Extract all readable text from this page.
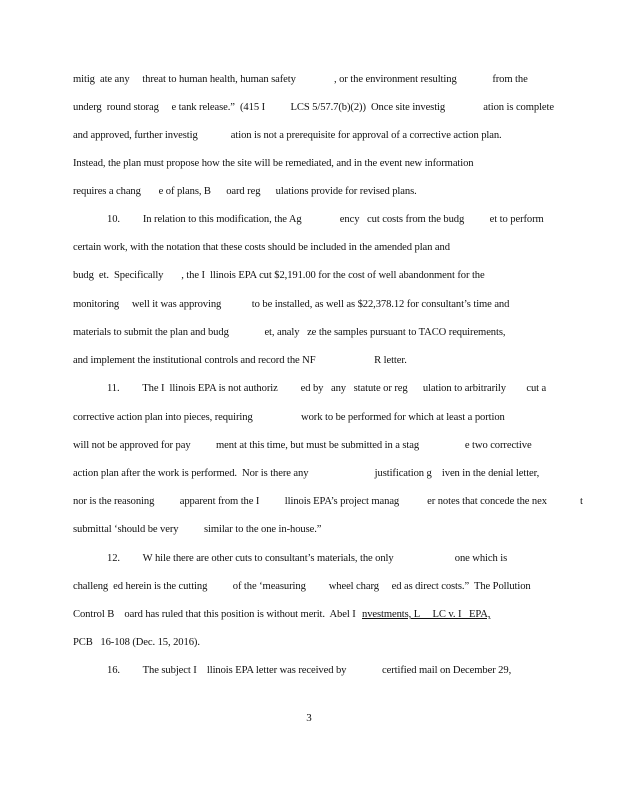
mitig  ate any     threat to human health, human safety               , or the environment resulting              from the
underg  round storag     e tank release.”  (415 I          LCS 5/57.7(b)(2))  Once site investig               ation is complete
and approved, further investig             ation is not a prerequisite for approval of a corrective action plan.
Instead, the plan must propose how the site will be remediated, and in the event new information
requires a chang       e of plans, B      oard reg      ulations provide for revised plans.
10.         In relation to this modification, the Ag               ency   cut costs from the budg          et to perform
certain work, with the notation that these costs should be included in the amended plan and
budg  et.  Specifically       , the I  llinois EPA cut $2,191.00 for the cost of well abandonment for the
monitoring     well it was approving            to be installed, as well as $22,378.12 for consultant’s time and
materials to submit the plan and budg              et, analy   ze the samples pursuant to TACO requirements,
and implement the institutional controls and record the NF                       R letter.
11.         The I  llinois EPA is not authoriz         ed by   any   statute or reg      ulation to arbitrarily        cut a
corrective action plan into pieces, requiring                   work to be performed for which at least a portion
will not be approved for pay          ment at this time, but must be submitted in a stag                  e two corrective
action plan after the work is performed.  Nor is there any                          justification g    iven in the denial letter,
nor is the reasoning          apparent from the I          llinois EPA’s project manag           er notes that concede the nex             t
submittal ‘should be very          similar to the one in-house.”
12.         W hile there are other cuts to consultant’s materials, the only                        one which is
challeng  ed herein is the cutting          of the ‘measuring         wheel charg     ed as direct costs.”  The Pollution
Control B    oard has ruled that this position is without merit.  Abel I nvestments, L     LC v. I   EPA,
PCB   16-108 (Dec. 15, 2016).
16.         The subject I    llinois EPA letter was received by              certified mail on December 29,
3
